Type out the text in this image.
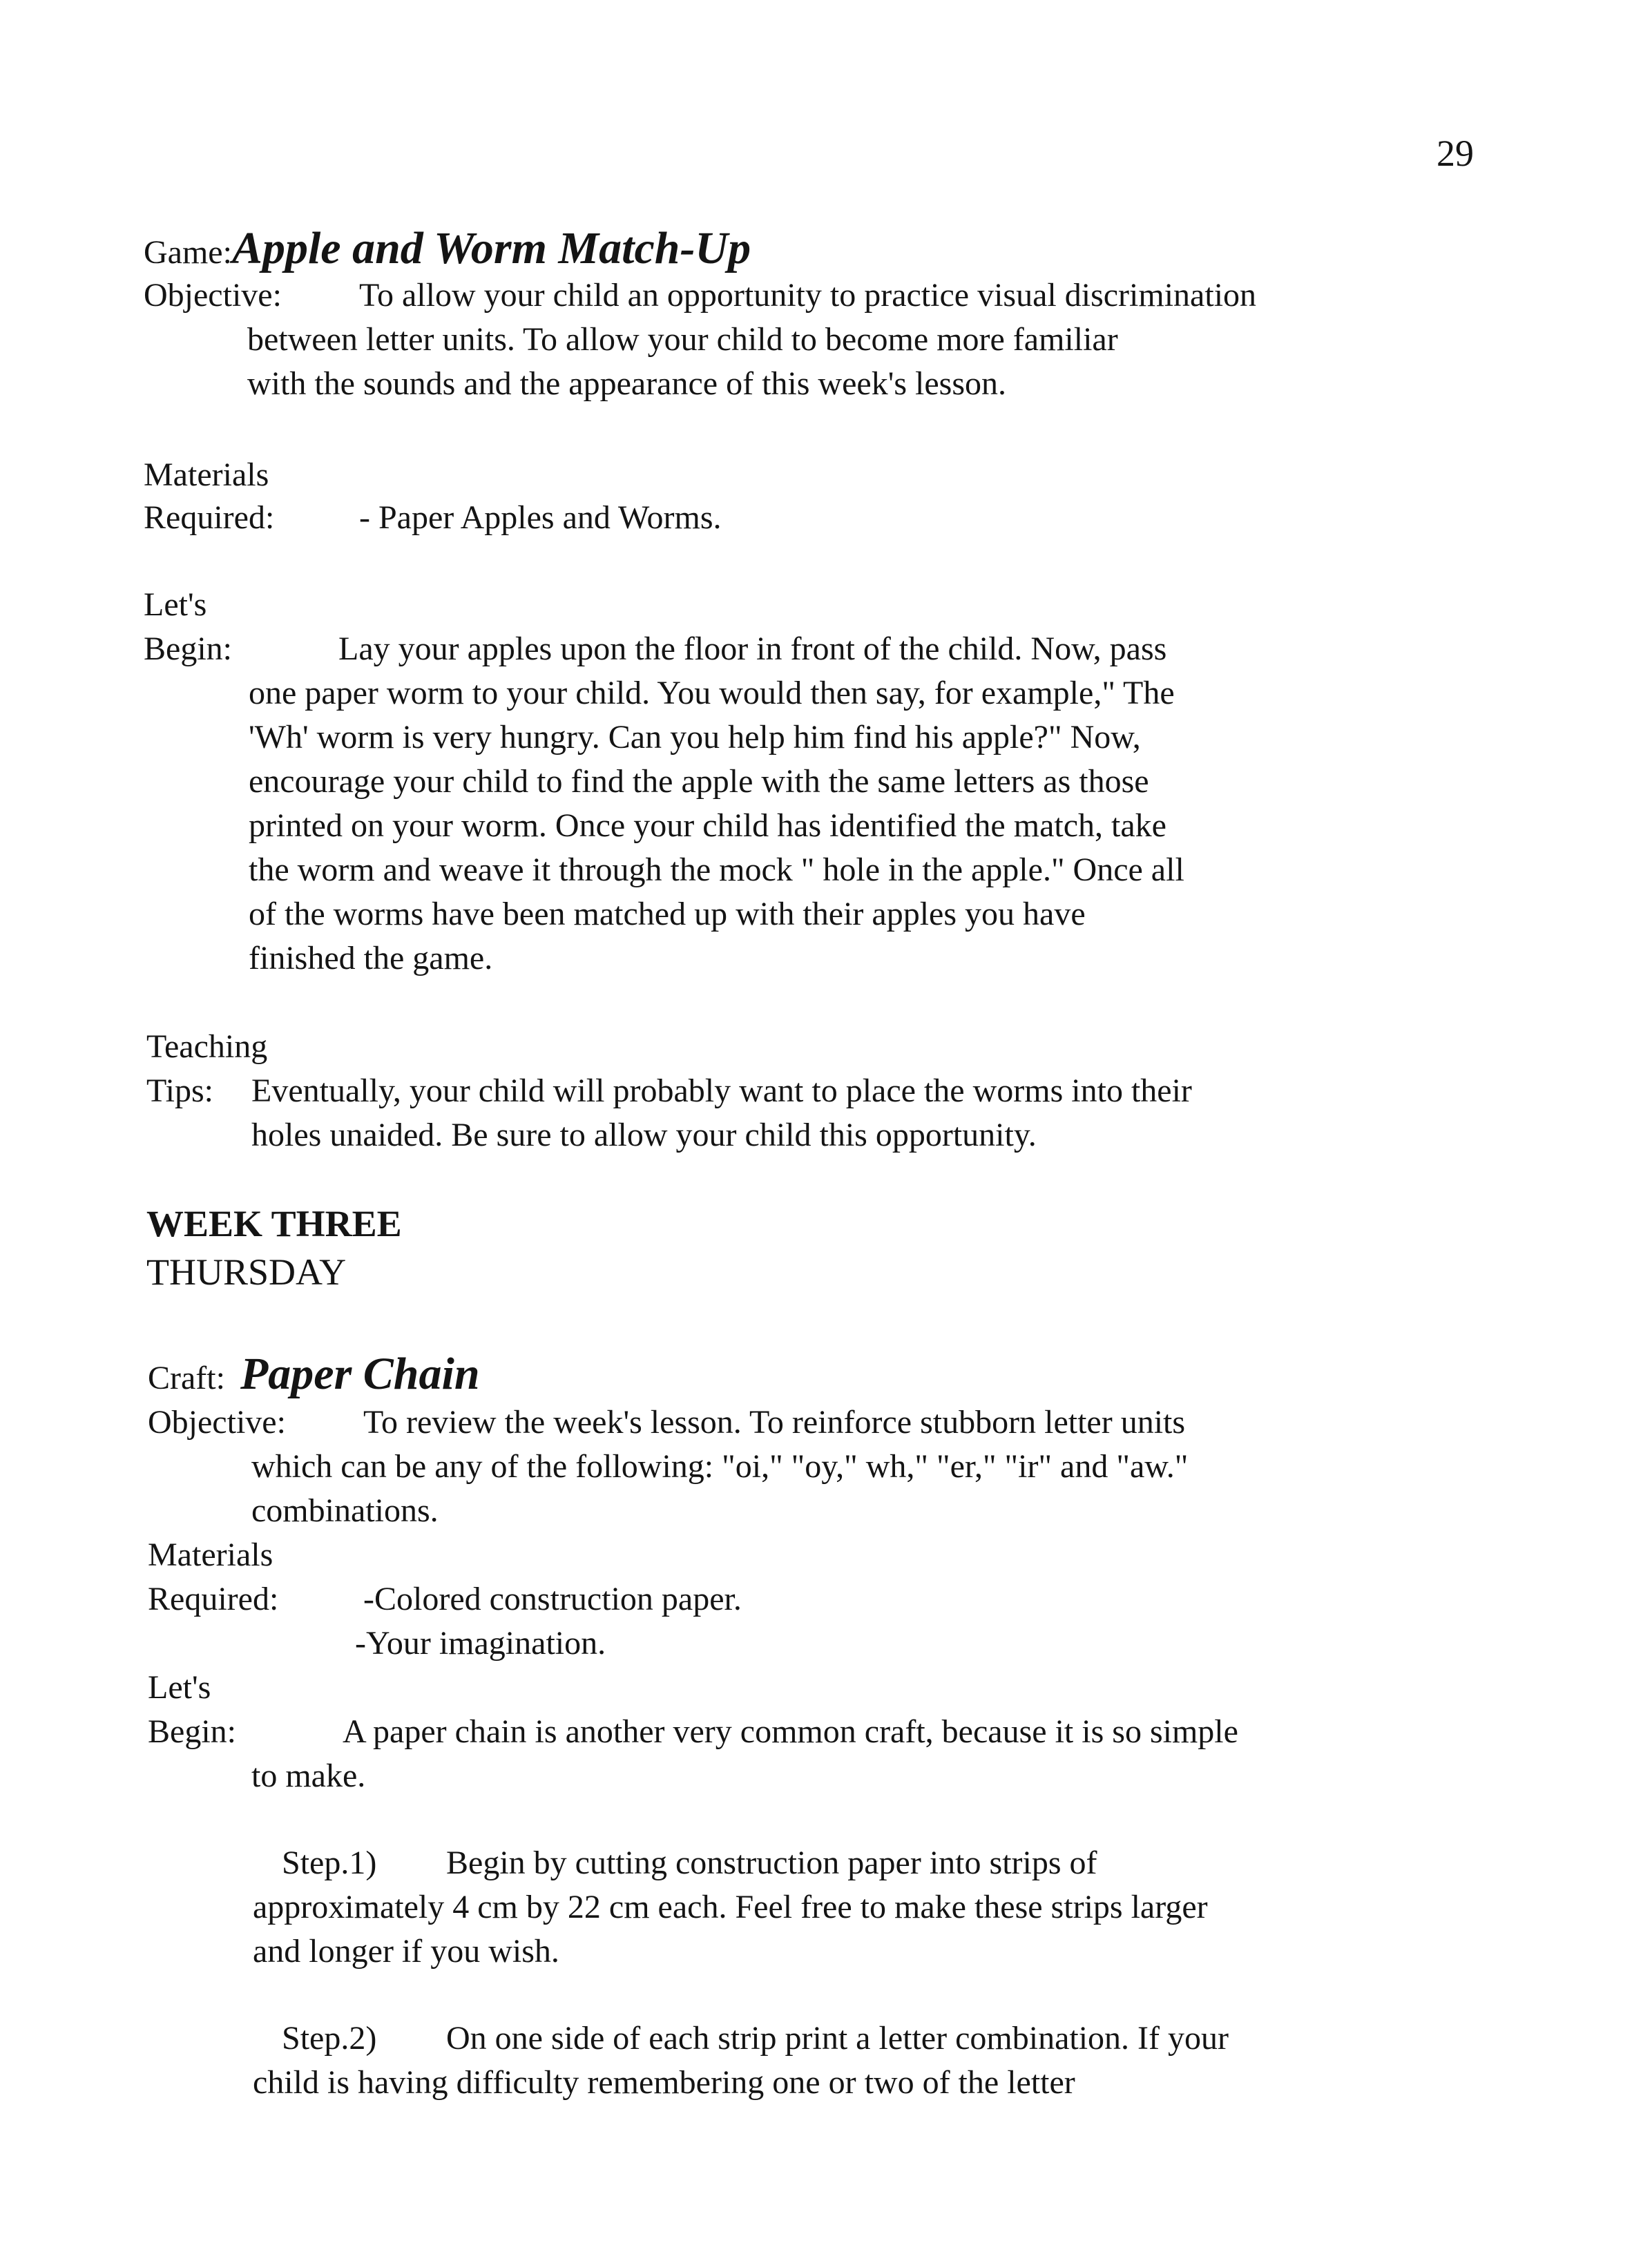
29
Game:Apple and Worm Match-Up
Objective: To allow your child an opportunity to practice visual discrimination
between letter units. To allow your child to become more familiar
with the sounds and the appearance of this week's lesson.
Materials
Required:	- Paper Apples and Worms.
Let's
Begin:	Lay your apples upon the floor in front of the child. Now, pass
one paper worm to your child. You would then say, for example," The
'Wh' worm is very hungry. Can you help him find his apple?" Now,
encourage your child to find the apple with the same letters as those
printed on your worm. Once your child has identified the match, take
the worm and weave it through the mock " hole in the apple." Once all
of the worms have been matched up with their apples you have
finished the game.
Teaching
Tips: Eventually, your child will probably want to place the worms into their
holes unaided. Be sure to allow your child this opportunity.
WEEK THREE
THURSDAY
Craft: Paper Chain
Objective: To review the week's lesson. To reinforce stubborn letter units
which can be any of the following: "oi," "oy," wh," "er," "ir" and "aw."
combinations.
Materials
Required:	-Colored construction paper.
-Your imagination.
Let's
Begin:	A paper chain is another very common craft, because it is so simple
to make.
Step.1) Begin by cutting construction paper into strips of
approximately 4 cm by 22 cm each. Feel free to make these strips larger
and longer if you wish.
Step.2) On one side of each strip print a letter combination. If your
child is having difficulty remembering one or two of the letter
